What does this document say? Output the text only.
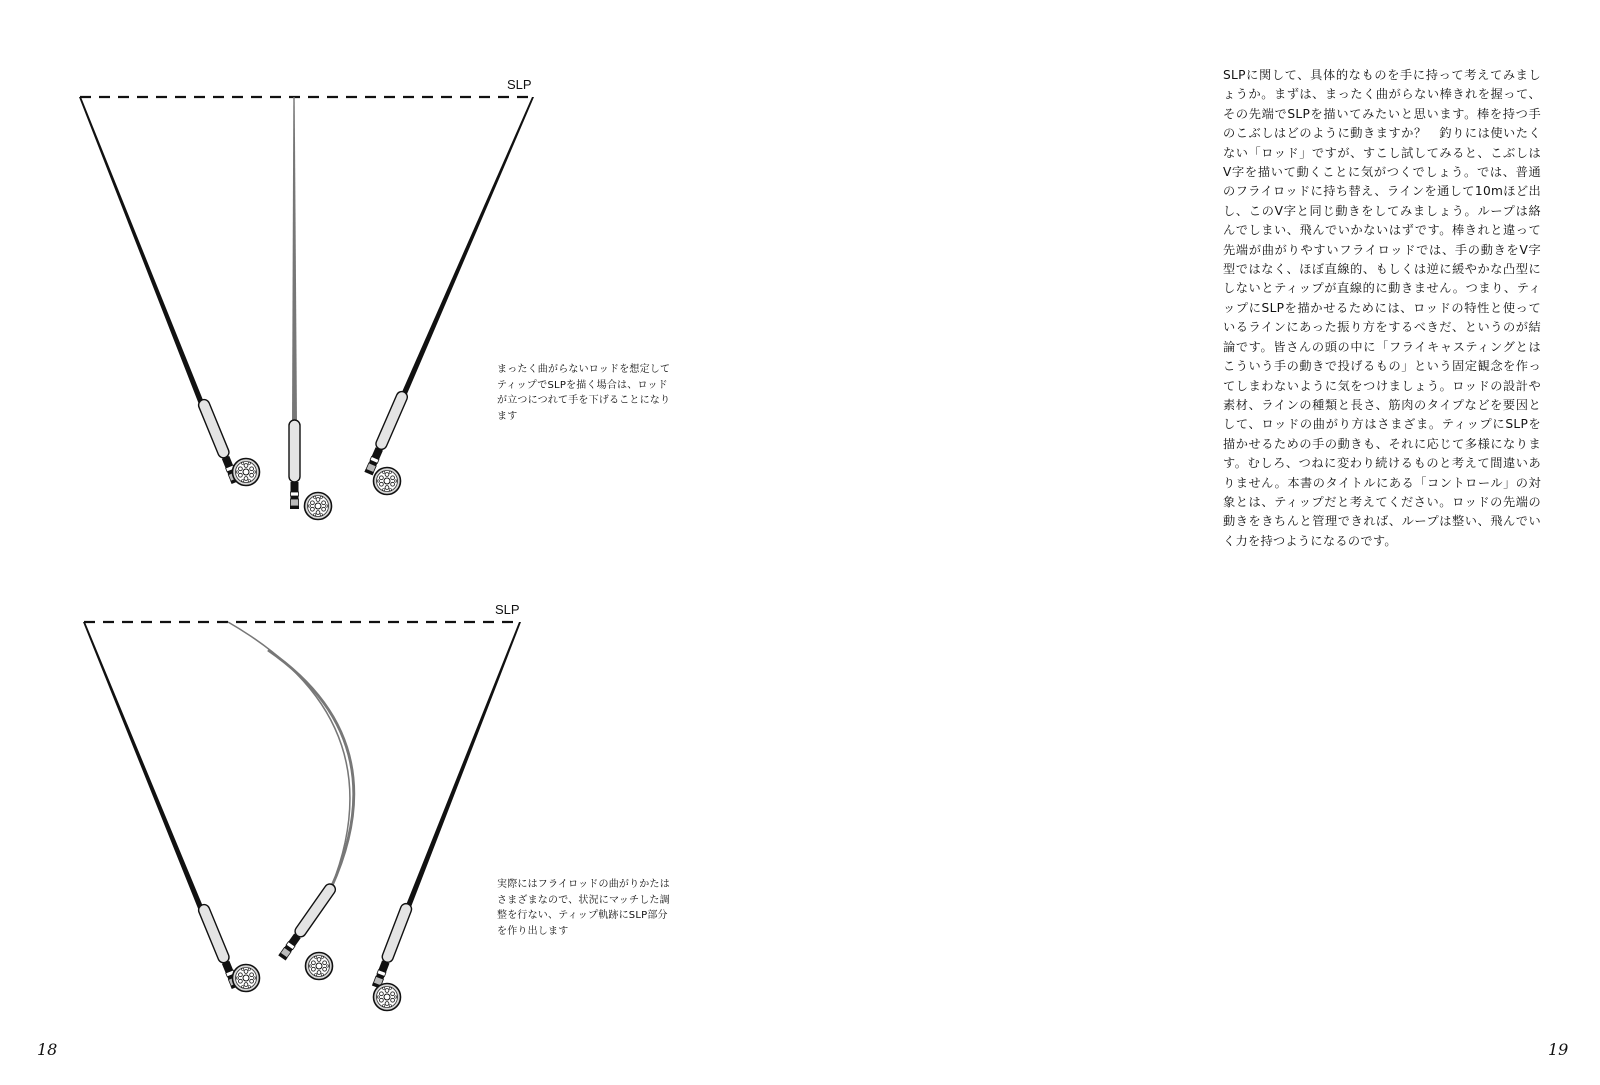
SLP
SLP

まったく曲がらないロッドを想定して
ティップでSLPを描く場合は、ロッド
が立つにつれて手を下げることになり
ます

実際にはフライロッドの曲がりかたは
さまざまなので、状況にマッチした調
整を行ない、ティップ軌跡にSLP部分
を作り出します

SLPに関して、具体的なものを手に持って考えてみましょうか。まずは、まったく曲がらない棒きれを握って、その先端でSLPを描いてみたいと思います。棒を持つ手のこぶしはどのように動きますか？　釣りには使いたくない「ロッド」ですが、すこし試してみると、こぶしはV字を描いて動くことに気がつくでしょう。では、普通のフライロッドに持ち替え、ラインを通して10mほど出し、このV字と同じ動きをしてみましょう。ループは絡んでしまい、飛んでいかないはずです。棒きれと違って先端が曲がりやすいフライロッドでは、手の動きをV字型ではなく、ほぼ直線的、もしくは逆に緩やかな凸型にしないとティップが直線的に動きません。つまり、ティップにSLPを描かせるためには、ロッドの特性と使っているラインにあった振り方をするべきだ、というのが結論です。皆さんの頭の中に「フライキャスティングとはこういう手の動きで投げるもの」という固定観念を作ってしまわないように気をつけましょう。ロッドの設計や素材、ラインの種類と長さ、筋肉のタイプなどを要因として、ロッドの曲がり方はさまざま。ティップにSLPを描かせるための手の動きも、それに応じて多様になります。むしろ、つねに変わり続けるものと考えて間違いありません。本書のタイトルにある「コントロール」の対象とは、ティップだと考えてください。ロッドの先端の動きをきちんと管理できれば、ループは整い、飛んでいく力を持つようになるのです。

18	19
